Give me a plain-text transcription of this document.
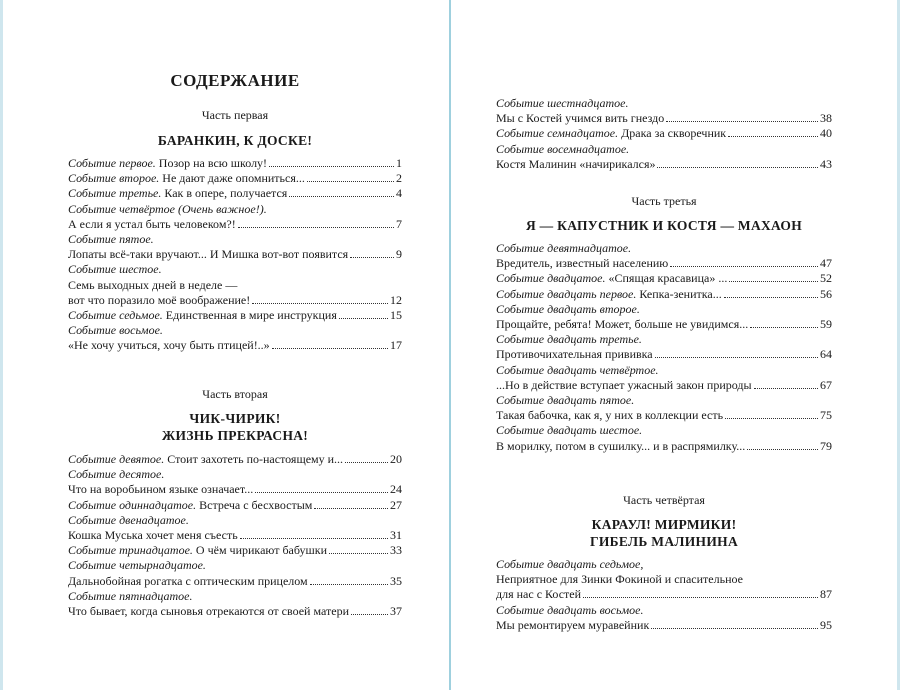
СОДЕРЖАНИЕ
Часть первая
БАРАНКИН, К ДОСКЕ!
Событие первое. Позор на всю школу!	1
Событие второе. Не дают даже опомниться...	2
Событие третье. Как в опере, получается	4
Событие четвёртое (Очень важное!).
А если я устал быть человеком?!	7
Событие пятое.
Лопаты всё-таки вручают... И Мишка вот-вот появится	9
Событие шестое.
Семь выходных дней в неделе —
вот что поразило моё воображение!	12
Событие седьмое. Единственная в мире инструкция	15
Событие восьмое.
«Не хочу учиться, хочу быть птицей!..»	17
Часть вторая
ЧИК-ЧИРИК!
ЖИЗНЬ ПРЕКРАСНА!
Событие девятое. Стоит захотеть по-настоящему и...	20
Событие десятое.
Что на воробьином языке означает...	24
Событие одиннадцатое. Встреча с бесхвостым	27
Событие двенадцатое.
Кошка Муська хочет меня съесть	31
Событие тринадцатое. О чём чирикают бабушки	33
Событие четырнадцатое.
Дальнобойная рогатка с оптическим прицелом	35
Событие пятнадцатое.
Что бывает, когда сыновья отрекаются от своей матери	37
Событие шестнадцатое.
Мы с Костей учимся вить гнездо	38
Событие семнадцатое. Драка за скворечник	40
Событие восемнадцатое.
Костя Малинин «начирикался»	43
Часть третья
Я — КАПУСТНИК И КОСТЯ — МАХАОН
Событие девятнадцатое.
Вредитель, известный населению	47
Событие двадцатое. «Спящая красавица» ...	52
Событие двадцать первое. Кепка-зенитка...	56
Событие двадцать второе.
Прощайте, ребята! Может, больше не увидимся...	59
Событие двадцать третье.
Противочихательная прививка	64
Событие двадцать четвёртое.
...Но в действие вступает ужасный закон природы	67
Событие двадцать пятое.
Такая бабочка, как я, у них в коллекции есть	75
Событие двадцать шестое.
В морилку, потом в сушилку... и в распрямилку...	79
Часть четвёртая
КАРАУЛ! МИРМИКИ!
ГИБЕЛЬ МАЛИНИНА
Событие двадцать седьмое,
Неприятное для Зинки Фокиной и спасительное
для нас с Костей	87
Событие двадцать восьмое.
Мы ремонтируем муравейник	95
